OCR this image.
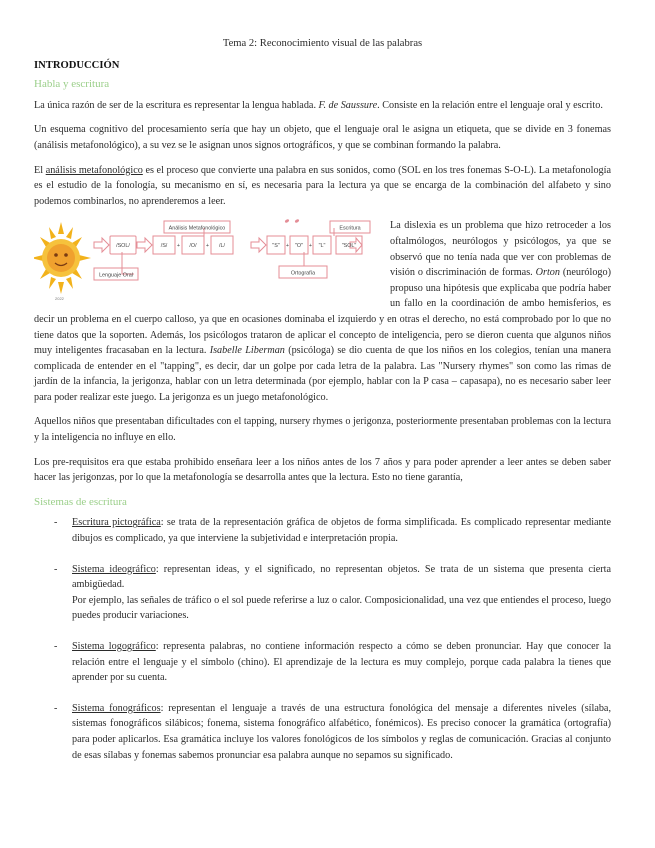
Tema 2: Reconocimiento visual de las palabras
INTRODUCCIÓN
Habla y escritura

La única razón de ser de la escritura es representar la lengua hablada. F. de Saussure. Consiste en la relación entre el lenguaje oral y escrito.

Un esquema cognitivo del procesamiento sería que hay un objeto, que el lenguaje oral le asigna un etiqueta, que se divide en 3 fonemas (análisis metafonológico), a su vez se le asignan unos signos ortográficos, y que se combinan formando la palabra.

El análisis metafonológico es el proceso que convierte una palabra en sus sonidos, como (SOL en los tres fonemas S-O-L). La metafonología es el estudio de la fonología, su mecanismo en sí, es necesaria para la lectura ya que se encarga de la combinación del alfabeto y sino podemos combinarlos, no aprenderemos a leer.

2022
/SOL/	/S/ + /O/ + /L/	"S" + "O" + "L"	"SOL"
Análisis Metafonológico	Escritura
Lenguaje Oral	Ortografía

La dislexia es un problema que hizo retroceder a los oftalmólogos, neurólogos y psicólogos, ya que se observó que no tenía nada que ver con problemas de visión o discriminación de formas. Orton (neurólogo) propuso una hipótesis que explicaba que podría haber un fallo en la coordinación de ambo hemisferios, es decir un problema en el cuerpo calloso, ya que en ocasiones dominaba el izquierdo y en otras el derecho, no está comprobado por lo que no tiene datos que la soporten. Además, los psicólogos trataron de aplicar el concepto de inteligencia, pero se dieron cuenta que algunos niños muy inteligentes fracasaban en la lectura. Isabelle Liberman (psicóloga) se dio cuenta de que los niños en los colegios, tenían una manera complicada de entender en el "tapping", es decir, dar un golpe por cada letra de la palabra. Las "Nursery rhymes" son como las rimas de jardín de la infancia, la jerigonza, hablar con un letra determinada (por ejemplo, hablar con la P casa – capasapa), no es necesario saber leer para poder realizar este juego. La jerigonza es un juego metafonológico.

Aquellos niños que presentaban dificultades con el tapping, nursery rhymes o jerigonza, posteriormente presentaban problemas con la lectura y la inteligencia no influye en ello.

Los pre-requisitos era que estaba prohibido enseñara leer a los niños antes de los 7 años y para poder aprender a leer antes se deben saber hacer las jerigonzas, por lo que la metafonología se desarrolla antes que la lectura. Esto no tiene garantía,

Sistemas de escritura
- Escritura pictográfica: se trata de la representación gráfica de objetos de forma simplificada. Es complicado representar mediante dibujos es complicado, ya que interviene la subjetividad e interpretación propia.
- Sistema ideográfico: representan ideas, y el significado, no representan objetos. Se trata de un sistema que presenta cierta ambigüedad.
Por ejemplo, las señales de tráfico o el sol puede referirse a luz o calor. Composicionalidad, una vez que entiendes el proceso, luego puedes producir variaciones.
- Sistema logográfico: representa palabras, no contiene información respecto a cómo se deben pronunciar. Hay que conocer la relación entre el lenguaje y el símbolo (chino). El aprendizaje de la lectura es muy complejo, porque cada palabra la tienes que aprender por su cuenta.
- Sistema fonográficos: representan el lenguaje a través de una estructura fonológica del mensaje a diferentes niveles (sílaba, sistemas fonográficos silábicos; fonema, sistema fonográfico alfabético, fonémicos). Es preciso conocer la gramática (ortografía) para poder aplicarlos. Esa gramática incluye los valores fonológicos de los símbolos y reglas de comunicación. Gracias al conjunto de esas sílabas y fonemas sabemos pronunciar esa palabra aunque no sepamos su significado.
